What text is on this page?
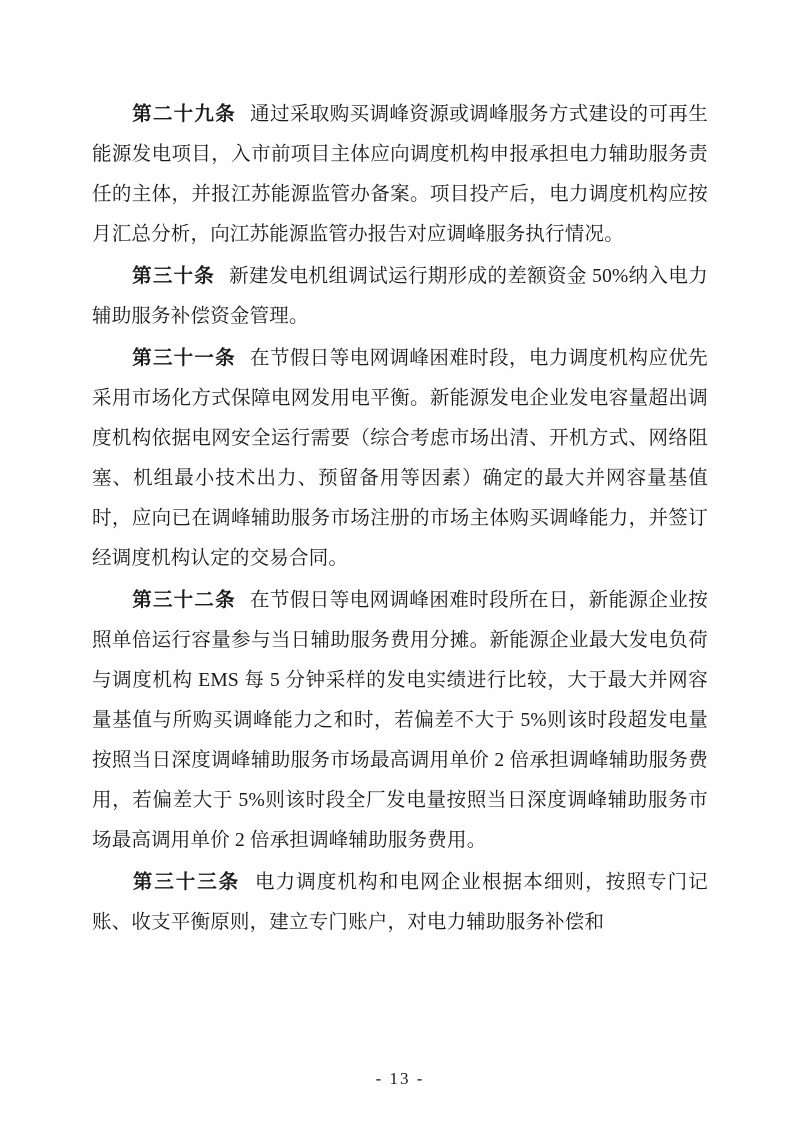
第二十九条 通过采取购买调峰资源或调峰服务方式建设的可再生能源发电项目，入市前项目主体应向调度机构申报承担电力辅助服务责任的主体，并报江苏能源监管办备案。项目投产后，电力调度机构应按月汇总分析，向江苏能源监管办报告对应调峰服务执行情况。

第三十条 新建发电机组调试运行期形成的差额资金 50%纳入电力辅助服务补偿资金管理。

第三十一条 在节假日等电网调峰困难时段，电力调度机构应优先采用市场化方式保障电网发用电平衡。新能源发电企业发电容量超出调度机构依据电网安全运行需要（综合考虑市场出清、开机方式、网络阻塞、机组最小技术出力、预留备用等因素）确定的最大并网容量基值时，应向已在调峰辅助服务市场注册的市场主体购买调峰能力，并签订经调度机构认定的交易合同。

第三十二条 在节假日等电网调峰困难时段所在日，新能源企业按照单倍运行容量参与当日辅助服务费用分摊。新能源企业最大发电负荷与调度机构 EMS 每 5 分钟采样的发电实绩进行比较，大于最大并网容量基值与所购买调峰能力之和时，若偏差不大于 5%则该时段超发电量按照当日深度调峰辅助服务市场最高调用单价 2 倍承担调峰辅助服务费用，若偏差大于 5%则该时段全厂发电量按照当日深度调峰辅助服务市场最高调用单价 2 倍承担调峰辅助服务费用。

第三十三条 电力调度机构和电网企业根据本细则，按照专门记账、收支平衡原则，建立专门账户，对电力辅助服务补偿和

- 13 -
